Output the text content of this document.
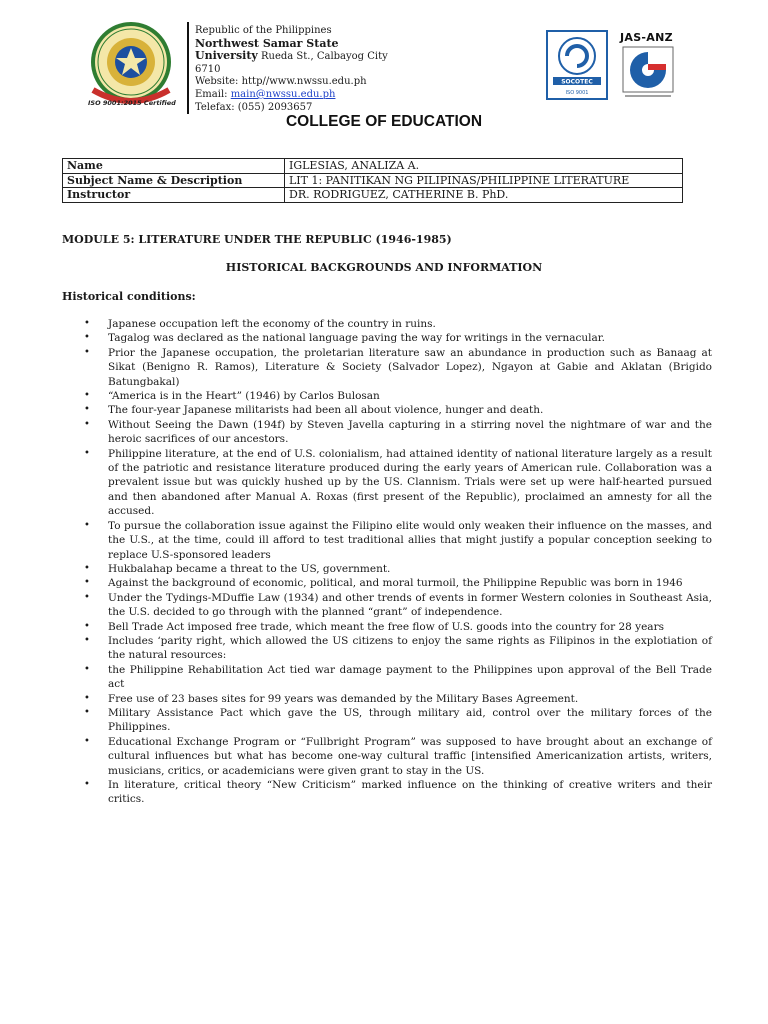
ISO 9001:2015 Certified
Republic of the Philippines
Northwest Samar State
University Rueda St., Calbayog City
6710
Website: http//www.nwssu.edu.ph
Email: main@nwssu.edu.ph
Telefax: (055) 2093657
SOCOTEC
ISO 9001
JAS-ANZ
COLLEGE OF EDUCATION
Name	IGLESIAS, ANALIZA A.
Subject Name & Description	LIT 1: PANITIKAN NG PILIPINAS/PHILIPPINE LITERATURE
Instructor	DR. RODRIGUEZ, CATHERINE B. PhD.
MODULE 5: LITERATURE UNDER THE REPUBLIC (1946-1985)
HISTORICAL BACKGROUNDS AND INFORMATION
Historical conditions:
• Japanese occupation left the economy of the country in ruins.
• Tagalog was declared as the national language paving the way for writings in the vernacular.
• Prior the Japanese occupation, the proletarian literature saw an abundance in production such as Banaag at Sikat (Benigno R. Ramos), Literature & Society (Salvador Lopez), Ngayon at Gabie and Aklatan (Brigido Batungbakal)
• “America is in the Heart” (1946) by Carlos Bulosan
• The four-year Japanese militarists had been all about violence, hunger and death.
• Without Seeing the Dawn (194f) by Steven Javella capturing in a stirring novel the nightmare of war and the heroic sacrifices of our ancestors.
• Philippine literature, at the end of U.S. colonialism, had attained identity of national literature largely as a result of the patriotic and resistance literature produced during the early years of American rule. Collaboration was a prevalent issue but was quickly hushed up by the US. Clannism. Trials were set up were half-hearted pursued and then abandoned after Manual A. Roxas (first present of the Republic), proclaimed an amnesty for all the accused.
• To pursue the collaboration issue against the Filipino elite would only weaken their influence on the masses, and the U.S., at the time, could ill afford to test traditional allies that might justify a popular conception seeking to replace U.S-sponsored leaders
• Hukbalahap became a threat to the US, government.
• Against the background of economic, political, and moral turmoil, the Philippine Republic was born in 1946
• Under the Tydings-MDuffie Law (1934) and other trends of events in former Western colonies in Southeast Asia, the U.S. decided to go through with the planned “grant” of independence.
• Bell Trade Act imposed free trade, which meant the free flow of U.S. goods into the country for 28 years
• Includes ‘parity right, which allowed the US citizens to enjoy the same rights as Filipinos in the explotiation of the natural resources:
• the Philippine Rehabilitation Act tied war damage payment to the Philippines upon approval of the Bell Trade act
• Free use of 23 bases sites for 99 years was demanded by the Military Bases Agreement.
• Military Assistance Pact which gave the US, through military aid, control over the military forces of the Philippines.
• Educational Exchange Program or “Fullbright Program” was supposed to have brought about an exchange of cultural influences but what has become one-way cultural traffic [intensified Americanization artists, writers, musicians, critics, or academicians were given grant to stay in the US.
• In literature, critical theory “New Criticism” marked influence on the thinking of creative writers and their critics.
